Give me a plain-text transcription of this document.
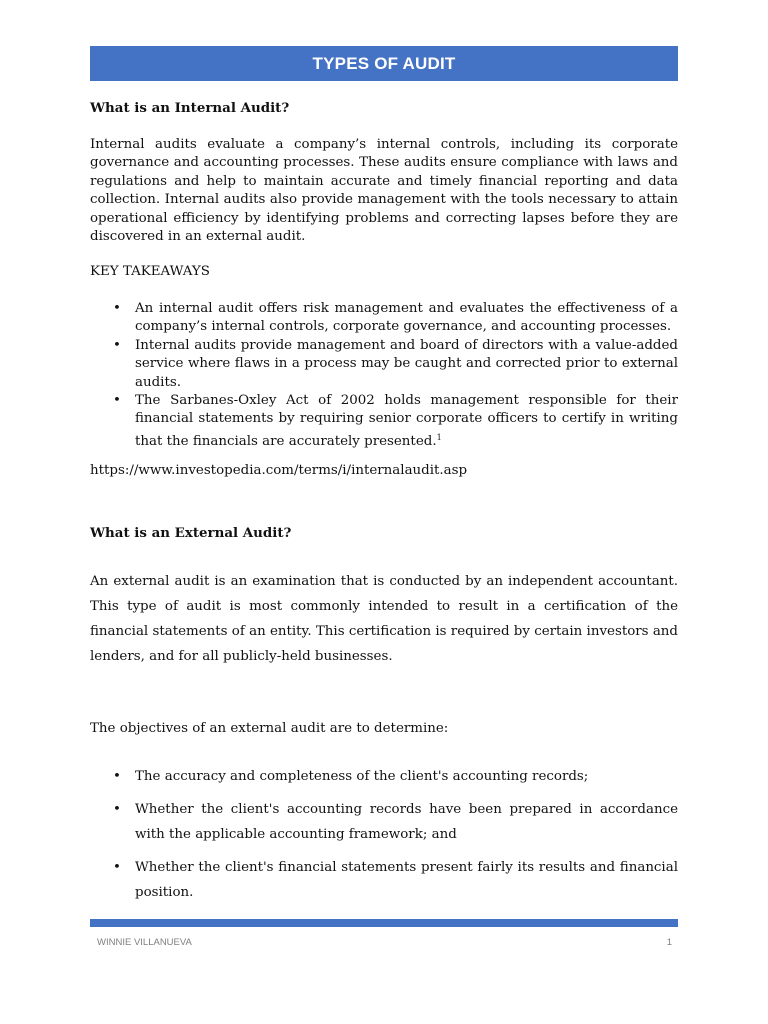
TYPES OF AUDIT
What is an Internal Audit?

Internal audits evaluate a company’s internal controls, including its corporate governance and accounting processes. These audits ensure compliance with laws and regulations and help to maintain accurate and timely financial reporting and data collection. Internal audits also provide management with the tools necessary to attain operational efficiency by identifying problems and correcting lapses before they are discovered in an external audit.

KEY TAKEAWAYS
• An internal audit offers risk management and evaluates the effectiveness of a company’s internal controls, corporate governance, and accounting processes.
• Internal audits provide management and board of directors with a value-added service where flaws in a process may be caught and corrected prior to external audits.
• The Sarbanes-Oxley Act of 2002 holds management responsible for their financial statements by requiring senior corporate officers to certify in writing that the financials are accurately presented.$^1$
https://www.investopedia.com/terms/i/internalaudit.asp
What is an External Audit?

An external audit is an examination that is conducted by an independent accountant. This type of audit is most commonly intended to result in a certification of the financial statements of an entity. This certification is required by certain investors and lenders, and for all publicly-held businesses.

The objectives of an external audit are to determine:

• The accuracy and completeness of the client's accounting records;
• Whether the client's accounting records have been prepared in accordance with the applicable accounting framework; and
• Whether the client's financial statements present fairly its results and financial position.
WINNIE VILLANUEVA	1
